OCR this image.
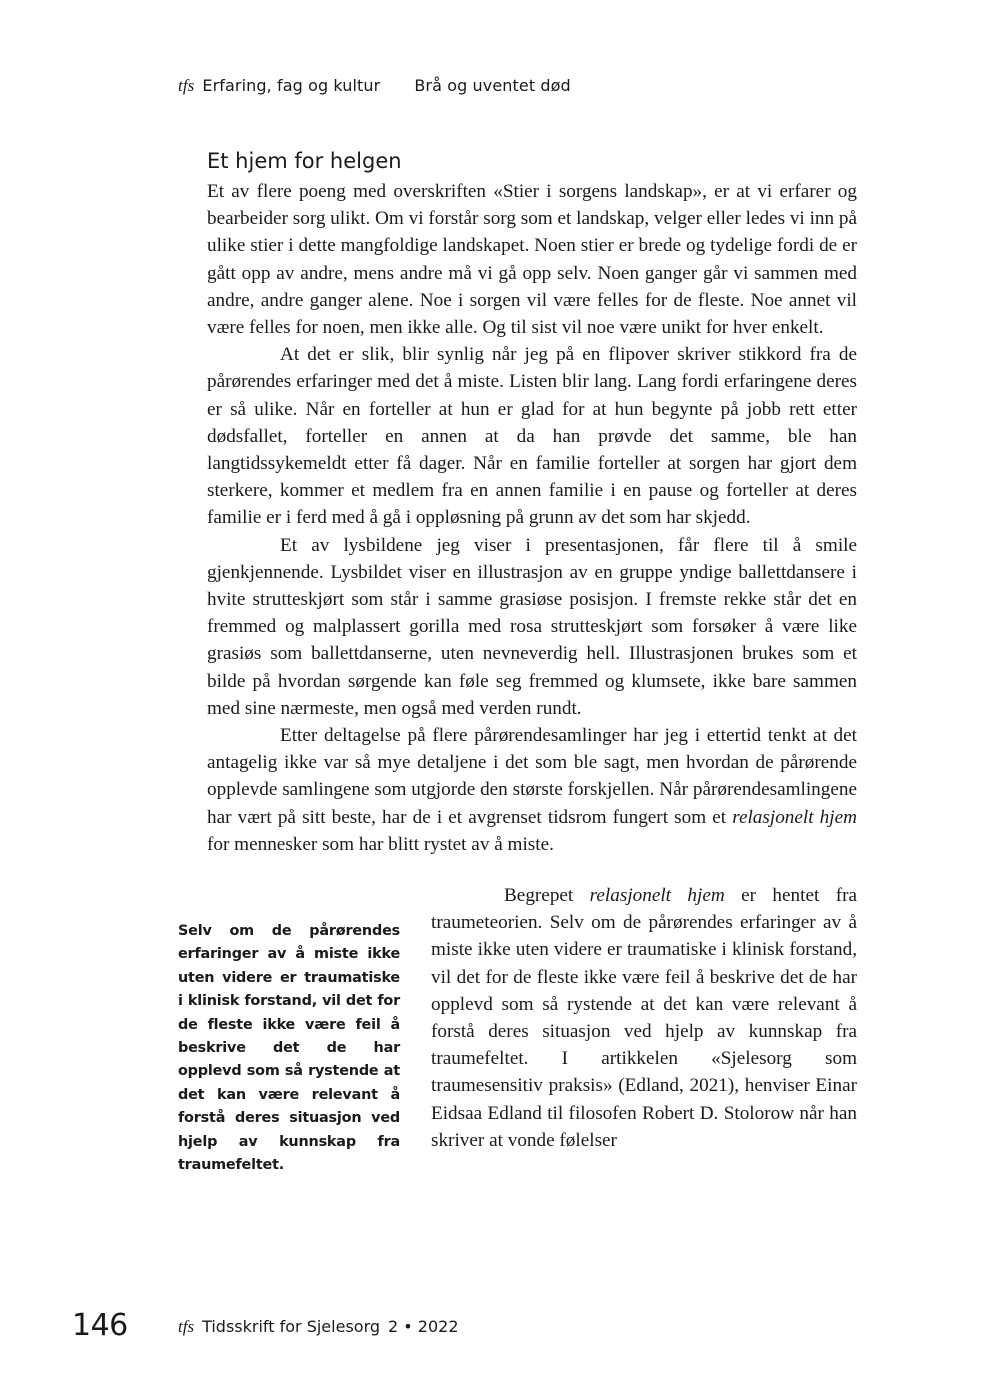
tfs Erfaring, fag og kultur Brå og uventet død
Et hjem for helgen

Et av flere poeng med overskriften «Stier i sorgens landskap», er at vi erfarer og bearbeider sorg ulikt. Om vi forstår sorg som et landskap, velger eller ledes vi inn på ulike stier i dette mangfoldige landskapet. Noen stier er brede og tydelige fordi de er gått opp av andre, mens andre må vi gå opp selv. Noen ganger går vi sammen med andre, andre ganger alene. Noe i sorgen vil være felles for de fleste. Noe annet vil være felles for noen, men ikke alle. Og til sist vil noe være unikt for hver enkelt.

At det er slik, blir synlig når jeg på en flipover skriver stikkord fra de pårørendes erfaringer med det å miste. Listen blir lang. Lang fordi erfaringene deres er så ulike. Når en forteller at hun er glad for at hun begynte på jobb rett etter dødsfallet, forteller en annen at da han prøvde det samme, ble han langtidssykemeldt etter få dager. Når en familie forteller at sorgen har gjort dem sterkere, kommer et medlem fra en annen familie i en pause og forteller at deres familie er i ferd med å gå i oppløsning på grunn av det som har skjedd.

Et av lysbildene jeg viser i presentasjonen, får flere til å smile gjenkjennende. Lysbildet viser en illustrasjon av en gruppe yndige ballettdansere i hvite strutteskjørt som står i samme grasiøse posisjon. I fremste rekke står det en fremmed og malplassert gorilla med rosa strutteskjørt som forsøker å være like grasiøs som ballettdanserne, uten nevneverdig hell. Illustrasjonen brukes som et bilde på hvordan sørgende kan føle seg fremmed og klumsete, ikke bare sammen med sine nærmeste, men også med verden rundt.

Etter deltagelse på flere pårørendesamlinger har jeg i ettertid tenkt at det antagelig ikke var så mye detaljene i det som ble sagt, men hvordan de pårørende opplevde samlingene som utgjorde den største forskjellen. Når pårørendesamlingene har vært på sitt beste, har de i et avgrenset tidsrom fungert som et relasjonelt hjem for mennesker som har blitt rystet av å miste.

Begrepet relasjonelt hjem er hentet fra traumeteorien. Selv om de pårørendes erfaringer av å miste ikke uten videre er traumatiske i klinisk forstand, vil det for de fleste ikke være feil å beskrive det de har opplevd som så rystende at det kan være relevant å forstå deres situasjon ved hjelp av kunnskap fra traumefeltet. I artikkelen «Sjelesorg som traumesensitiv praksis» (Edland, 2021), henviser Einar Eidsaa Edland til filosofen Robert D. Stolorow når han skriver at vonde følelser

Selv om de pårørendes erfaringer av å miste ikke uten videre er traumatiske i klinisk forstand, vil det for de fleste ikke være feil å beskrive det de har opplevd som så rystende at det kan være relevant å forstå deres situasjon ved hjelp av kunnskap fra traumefeltet.

146	tfs Tidsskrift for Sjelesorg 2 • 2022
